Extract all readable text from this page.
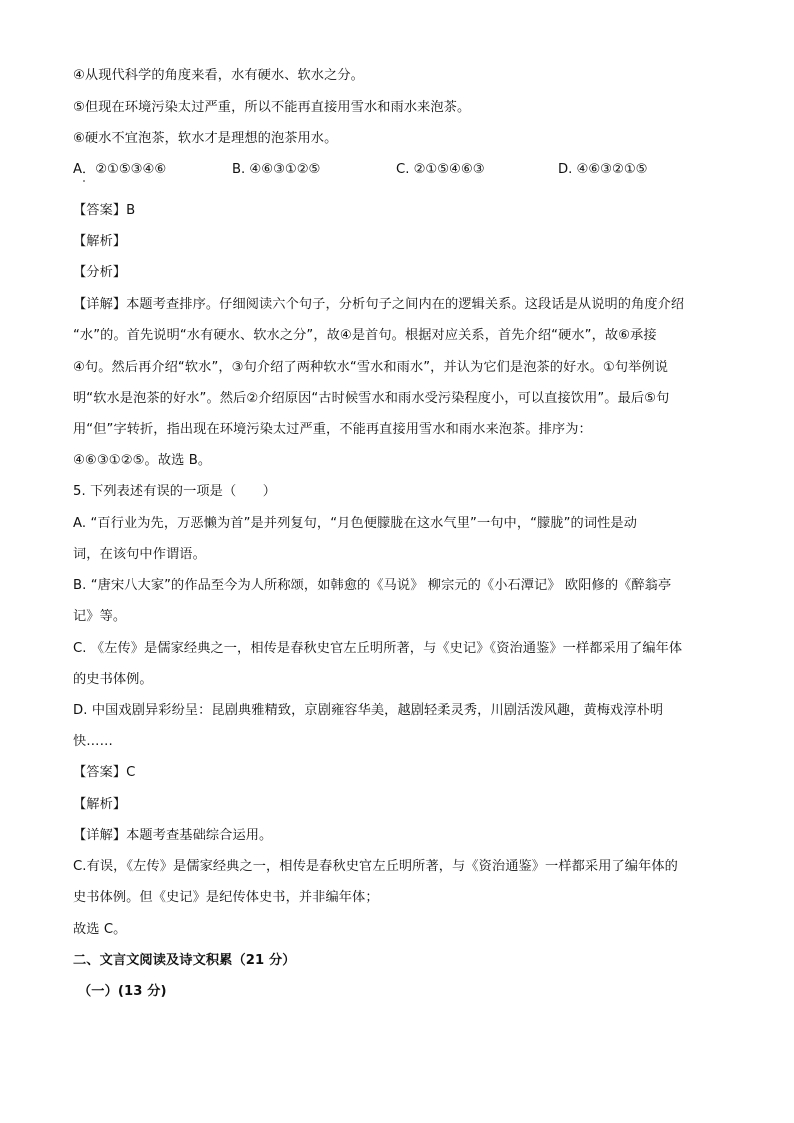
④从现代科学的角度来看，水有硬水、软水之分。
⑤但现在环境污染太过严重，所以不能再直接用雪水和雨水来泡茶。
⑥硬水不宜泡茶，软水才是理想的泡茶用水。
A．②①⑤③④⑥	B. ④⑥③①②⑤	C. ②①⑤④⑥③	D. ④⑥③②①⑤
【答案】B
【解析】
【分析】
【详解】本题考查排序。仔细阅读六个句子，分析句子之间内在的逻辑关系。这段话是从说明的角度介绍
“水”的。首先说明“水有硬水、软水之分”，故④是首句。根据对应关系，首先介绍“硬水”，故⑥承接
④句。然后再介绍“软水”，③句介绍了两种软水“雪水和雨水”，并认为它们是泡茶的好水。①句举例说
明“软水是泡茶的好水”。然后②介绍原因“古时候雪水和雨水受污染程度小，可以直接饮用”。最后⑤句
用“但”字转折，指出现在环境污染太过严重，不能再直接用雪水和雨水来泡茶。排序为：
④⑥③①②⑤。故选 B。
5. 下列表述有误的一项是（　　）
A. “百行业为先，万恶懒为首”是并列复句，“月色便朦胧在这水气里”一句中，“朦胧”的词性是动
词，在该句中作谓语。
B. “唐宋八大家”的作品至今为人所称颂，如韩愈的《马说》 柳宗元的《小石潭记》 欧阳修的《醉翁亭
记》等。
C. 《左传》是儒家经典之一，相传是春秋史官左丘明所著，与《史记》《资治通鉴》一样都采用了编年体
的史书体例。
D. 中国戏剧异彩纷呈：昆剧典雅精致，京剧雍容华美，越剧轻柔灵秀，川剧活泼风趣，黄梅戏淳朴明
快……
【答案】C
【解析】
【详解】本题考查基础综合运用。
C.有误，《左传》是儒家经典之一，相传是春秋史官左丘明所著，与《资治通鉴》一样都采用了编年体的
史书体例。但《史记》是纪传体史书，并非编年体；
故选 C。
二、文言文阅读及诗文积累（21 分）
（一）(13 分)
